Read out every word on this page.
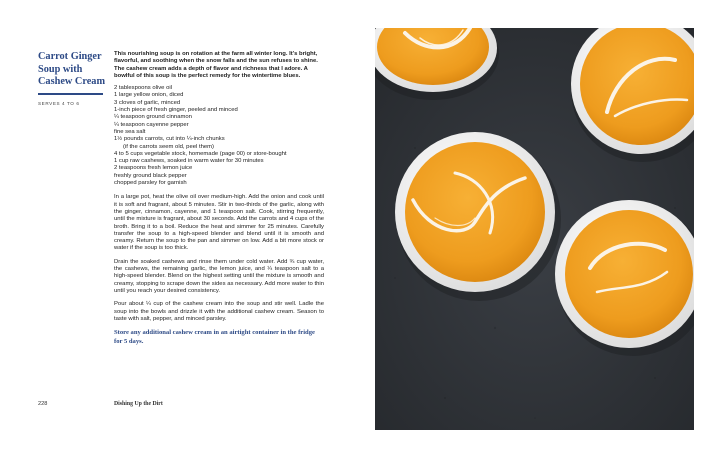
Carrot Ginger Soup with Cashew Cream
SERVES 4 TO 6

This nourishing soup is on rotation at the farm all winter long. It's bright, flavorful, and soothing when the snow falls and the sun refuses to shine. The cashew cream adds a depth of flavor and richness that I adore. A bowlful of this soup is the perfect remedy for the wintertime blues.

2 tablespoons olive oil
1 large yellow onion, diced
3 cloves of garlic, minced
1-inch piece of fresh ginger, peeled and minced
¼ teaspoon ground cinnamon
¼ teaspoon cayenne pepper
fine sea salt
1½ pounds carrots, cut into ¼-inch chunks
(if the carrots seem old, peel them)
4 to 5 cups vegetable stock, homemade (page 00) or store-bought
1 cup raw cashews, soaked in warm water for 30 minutes
2 teaspoons fresh lemon juice
freshly ground black pepper
chopped parsley for garnish

In a large pot, heat the olive oil over medium-high. Add the onion and cook until it is soft and fragrant, about 5 minutes. Stir in two-thirds of the garlic, along with the ginger, cinnamon, cayenne, and 1 teaspoon salt. Cook, stirring frequently, until the mixture is fragrant, about 30 seconds. Add the carrots and 4 cups of the broth. Bring it to a boil. Reduce the heat and simmer for 25 minutes. Carefully transfer the soup to a high-speed blender and blend until it is smooth and creamy. Return the soup to the pan and simmer on low. Add a bit more stock or water if the soup is too thick.

Drain the soaked cashews and rinse them under cold water. Add ¾ cup water, the cashews, the remaining garlic, the lemon juice, and ¼ teaspoon salt to a high-speed blender. Blend on the highest setting until the mixture is smooth and creamy, stopping to scrape down the sides as necessary. Add more water to thin until you reach your desired consistency.

Pour about ¼ cup of the cashew cream into the soup and stir well. Ladle the soup into the bowls and drizzle it with the additional cashew cream. Season to taste with salt, pepper, and minced parsley.

Store any additional cashew cream in an airtight container in the fridge for 5 days.
228	Dishing Up the Dirt
